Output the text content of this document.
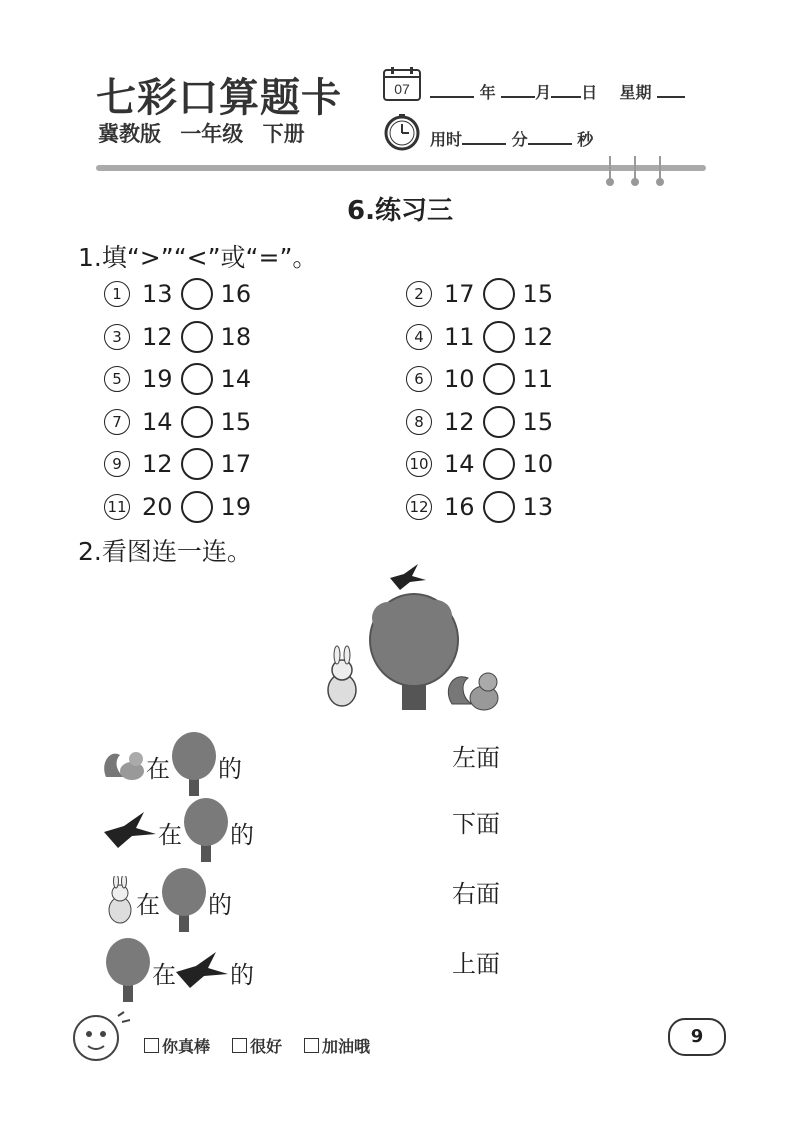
七彩口算题卡
冀教版 一年级 下册
07	年 月 日 星期
用时	分	秒
6.练习三
1.填“>”“<”或“=”。
1 13 16	2 17 15
3 12 18	4 11 12
5 19 14	6 10 11
7 14 15	8 12 15
9 12 17	10 14 10
11 20 19	12 16 13
2.看图连一连。
在 的	左面
在 的	下面
在 的	右面
在 的	上面
你真棒	很好	加油哦	9
